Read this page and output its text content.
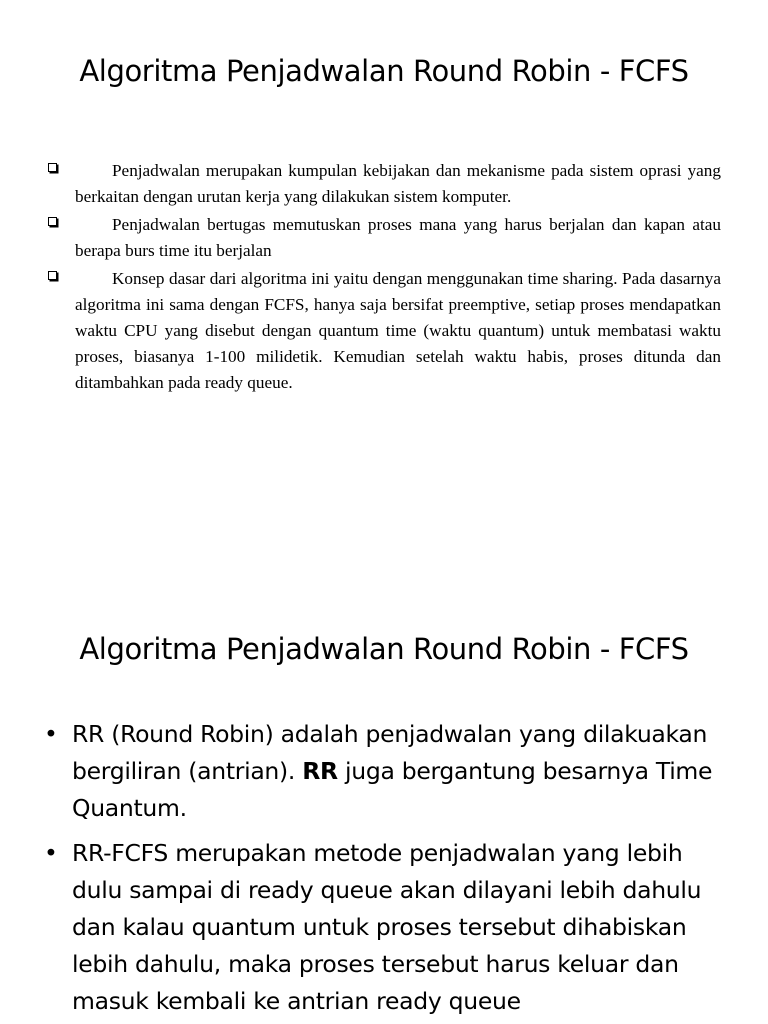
Algoritma Penjadwalan Round Robin - FCFS
Penjadwalan merupakan kumpulan kebijakan dan mekanisme pada sistem oprasi yang berkaitan dengan urutan kerja yang dilakukan sistem komputer.
Penjadwalan bertugas memutuskan proses mana yang harus berjalan dan kapan atau berapa burs time itu berjalan
Konsep dasar dari algoritma ini yaitu dengan menggunakan time sharing. Pada dasarnya algoritma ini sama dengan FCFS, hanya saja bersifat preemptive, setiap proses mendapatkan waktu CPU yang disebut dengan quantum time (waktu quantum) untuk membatasi waktu proses, biasanya 1-100 milidetik. Kemudian setelah waktu habis, proses ditunda dan ditambahkan pada ready queue.
Algoritma Penjadwalan Round Robin - FCFS
• RR (Round Robin) adalah penjadwalan yang dilakuakan bergiliran (antrian). RR juga bergantung besarnya Time Quantum.
• RR-FCFS merupakan metode penjadwalan yang lebih dulu sampai di ready queue akan dilayani lebih dahulu dan kalau quantum untuk proses tersebut dihabiskan lebih dahulu, maka proses tersebut harus keluar dan masuk kembali ke antrian ready queue
